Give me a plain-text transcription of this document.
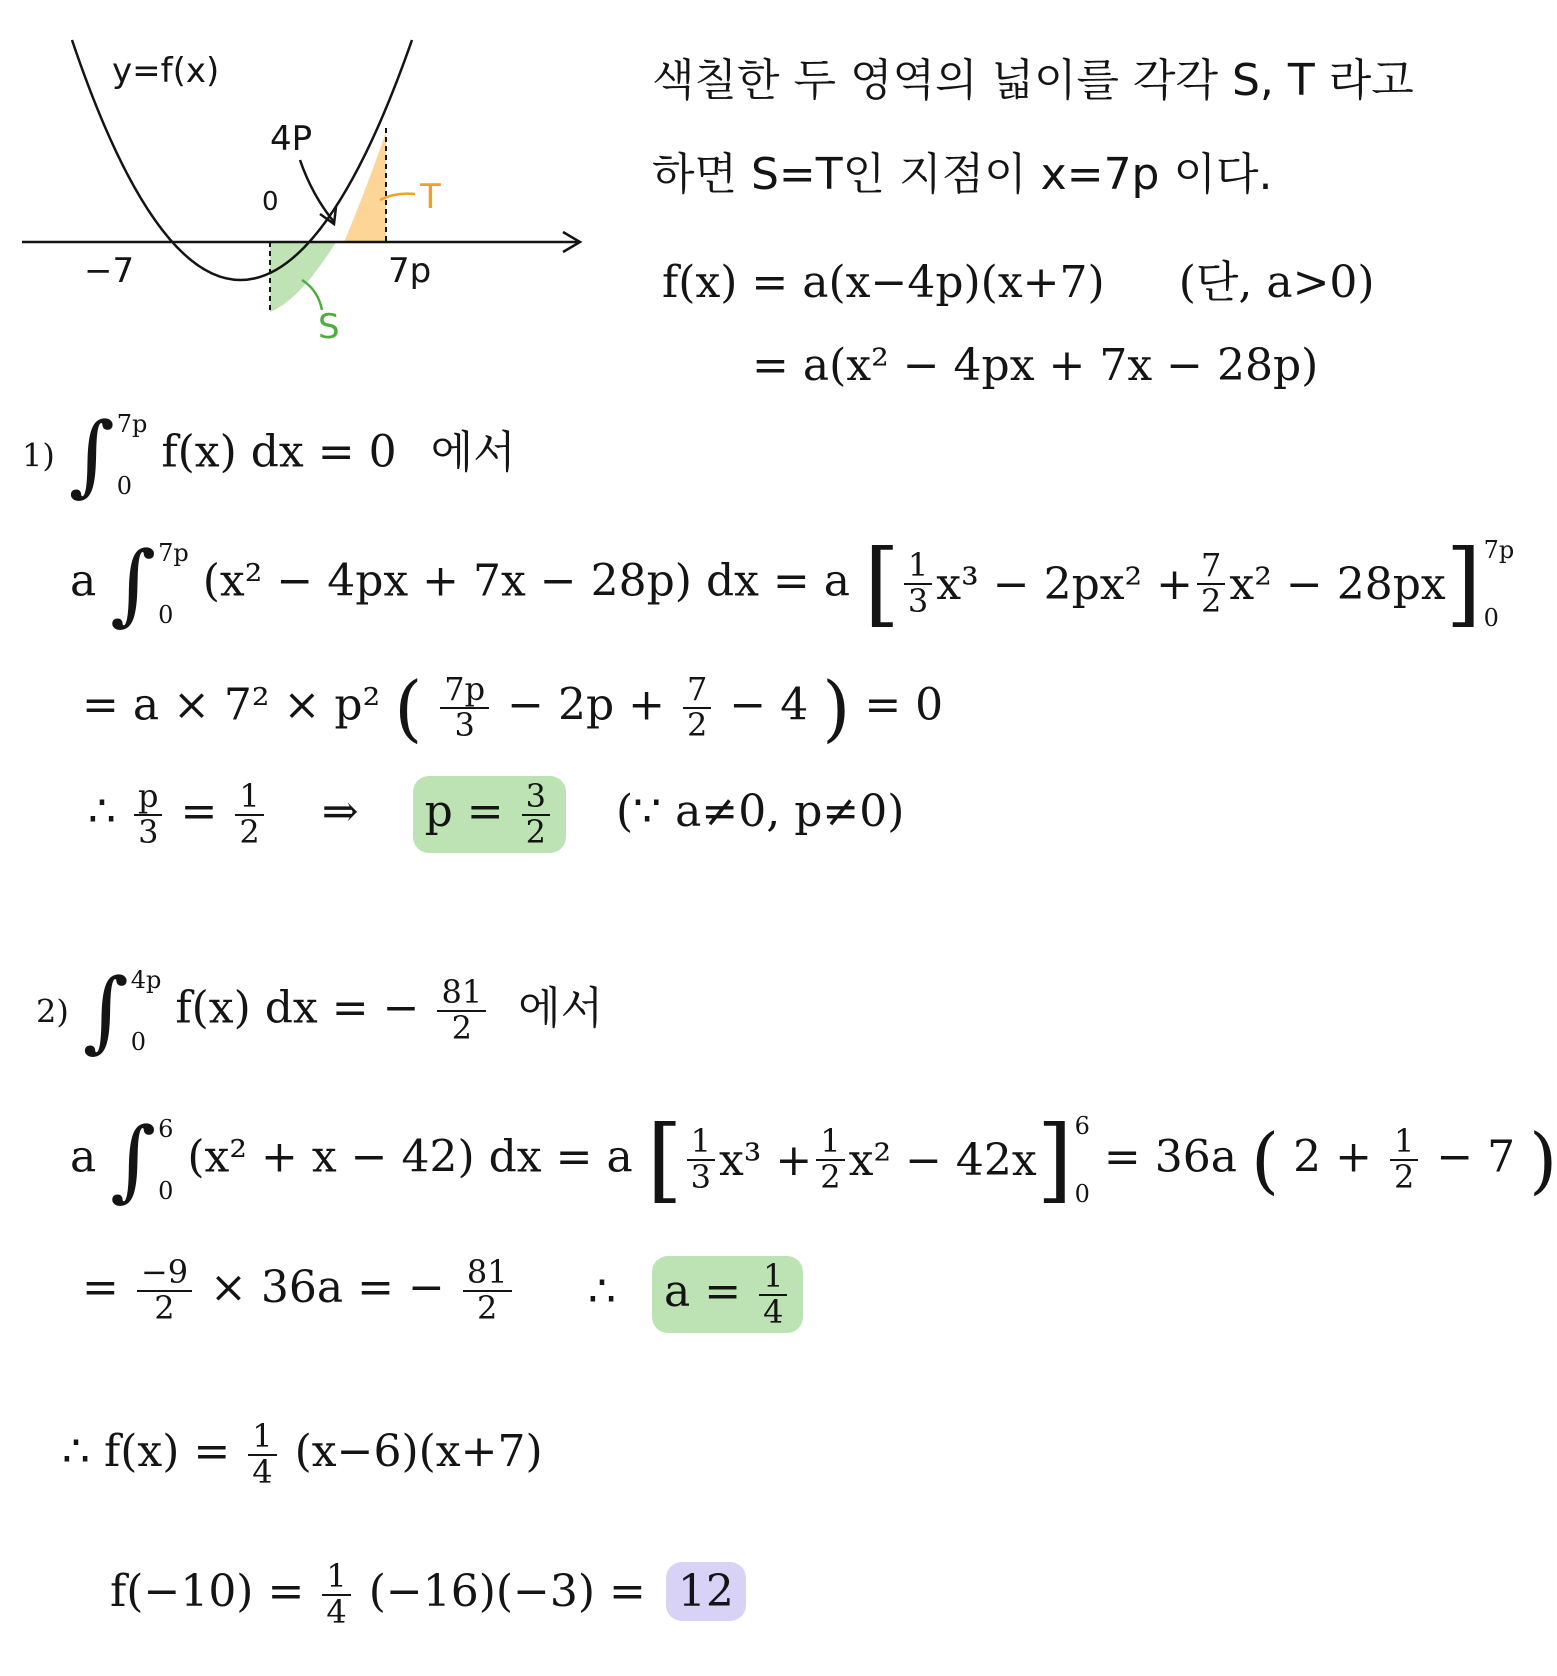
y=f(x)
4P
0
−7	7p
T
S
색칠한 두 영역의 넓이를 각각 S, T 라고
하면 S=T인 지점이 x=7p 이다.
f(x) = a(x−4p)(x+7) (단, a>0)
= a(x² − 4px + 7x − 28p)
1) ∫ 7p
0
f(x) dx = 0 에서
a ∫ 7p
0
(x² − 4px + 7x − 28p) dx = a [ $\frac{1}{3} x^3 - 2px^2 + \frac{7}{2} x^2 - 28px$ ] 7p
0
= a × 7² × p² ( $\frac{7p}{3} - 2p + \frac{7}{2} - 4$ ) = 0
∴ $\frac{p}{3} = \frac{1}{2}$ ⇒ $p = \frac{3}{2}$ (∵ a≠0, p≠0)
2) ∫ 4p
0
f(x) dx = − $\frac{81}{2}$ 에서
a ∫ 6
0
(x² + x − 42) dx = a [ $\frac{1}{3} x^3 + \frac{1}{2} x^2 - 42x$ ] 6
0
= 36a ( $2 + \frac{1}{2} - 7$ )
= $\frac{-9}{2} \times 36a$ = − $\frac{81}{2}$ ∴ $a = \frac{1}{4}$
∴ $f(x) = \frac{1}{4} (x-6)(x+7)$
$f(-10) = \frac{1}{4} (-16)(-3) = 12$
